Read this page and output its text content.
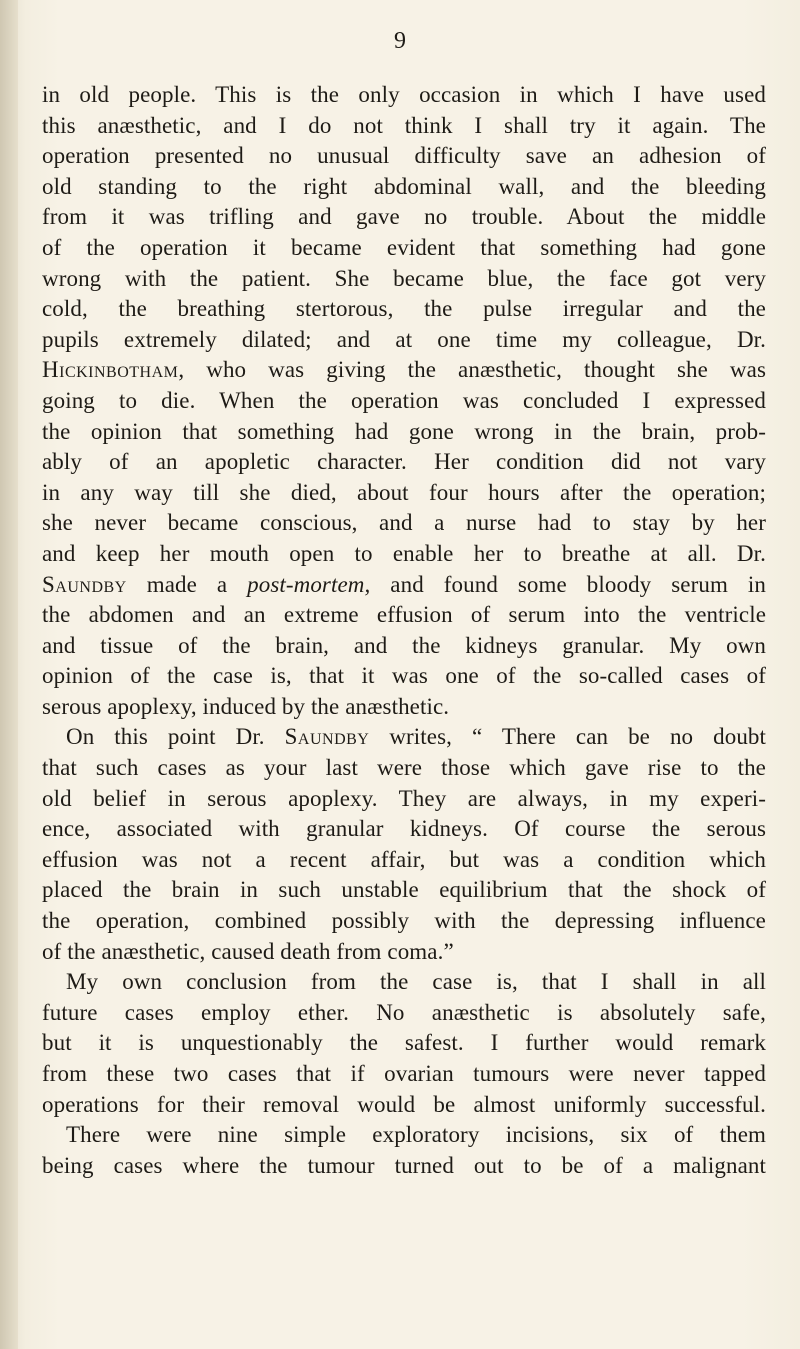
9
in old people. This is the only occasion in which I have used
this anæsthetic, and I do not think I shall try it again. The
operation presented no unusual difficulty save an adhesion of
old standing to the right abdominal wall, and the bleeding
from it was trifling and gave no trouble. About the middle
of the operation it became evident that something had gone
wrong with the patient. She became blue, the face got very
cold, the breathing stertorous, the pulse irregular and the
pupils extremely dilated; and at one time my colleague, Dr.
Hickinbotham, who was giving the anæsthetic, thought she was
going to die. When the operation was concluded I expressed
the opinion that something had gone wrong in the brain, prob-
ably of an apopletic character. Her condition did not vary
in any way till she died, about four hours after the operation;
she never became conscious, and a nurse had to stay by her
and keep her mouth open to enable her to breathe at all. Dr.
Saundby made a post-mortem, and found some bloody serum in
the abdomen and an extreme effusion of serum into the ventricle
and tissue of the brain, and the kidneys granular. My own
opinion of the case is, that it was one of the so-called cases of
serous apoplexy, induced by the anæsthetic.
On this point Dr. Saundby writes, “ There can be no doubt
that such cases as your last were those which gave rise to the
old belief in serous apoplexy. They are always, in my experi-
ence, associated with granular kidneys. Of course the serous
effusion was not a recent affair, but was a condition which
placed the brain in such unstable equilibrium that the shock of
the operation, combined possibly with the depressing influence
of the anæsthetic, caused death from coma.”
My own conclusion from the case is, that I shall in all
future cases employ ether. No anæsthetic is absolutely safe,
but it is unquestionably the safest. I further would remark
from these two cases that if ovarian tumours were never tapped
operations for their removal would be almost uniformly successful.
There were nine simple exploratory incisions, six of them
being cases where the tumour turned out to be of a malignant
